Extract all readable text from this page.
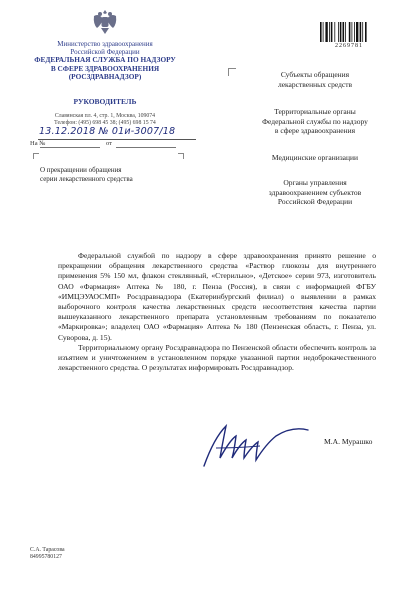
Министерство здравоохранения
Российской Федерации
ФЕДЕРАЛЬНАЯ СЛУЖБА ПО НАДЗОРУ
В СФЕРЕ ЗДРАВООХРАНЕНИЯ
(РОСЗДРАВНАДЗОР)
РУКОВОДИТЕЛЬ
Славянская пл. 4, стр. 1, Москва, 109074
Телефон: (495) 698 45 38; (495) 698 15 74
13.12.2018 № 01и-3007/18
На №	от
О прекращении обращения
серии лекарственного средства
2269781
Субъекты обращения
лекарственных средств
Территориальные органы
Федеральной службы по надзору
в сфере здравоохранения
Медицинские организации
Органы управления
здравоохранением субъектов
Российской Федерации

Федеральной службой по надзору в сфере здравоохранения принято решение о прекращении обращения лекарственного средства «Раствор глюкозы для внутреннего применения 5% 150 мл, флакон стеклянный, «Стерильно», «Детское» серии 973, изготовитель ОАО «Фармация» Аптека № 180, г. Пенза (Россия), в связи с информацией ФГБУ «ИМЦЭУАОСМП» Росздравнадзора (Екатеринбургский филиал) о выявлении в рамках выборочного контроля качества лекарственных средств несоответствия качества партии вышеуказанного лекарственного препарата установленным требованиям по показателю «Маркировка»; владелец ОАО «Фармация» Аптека № 180 (Пензенская область, г. Пенза, ул. Суворова, д. 15).

Территориальному органу Росздравнадзора по Пензенской области обеспечить контроль за изъятием и уничтожением в установленном порядке указанной партии недоброкачественного лекарственного средства. О результатах информировать Росздравнадзор.

М.А. Мурашко
С.А. Тарасова
84995780127
